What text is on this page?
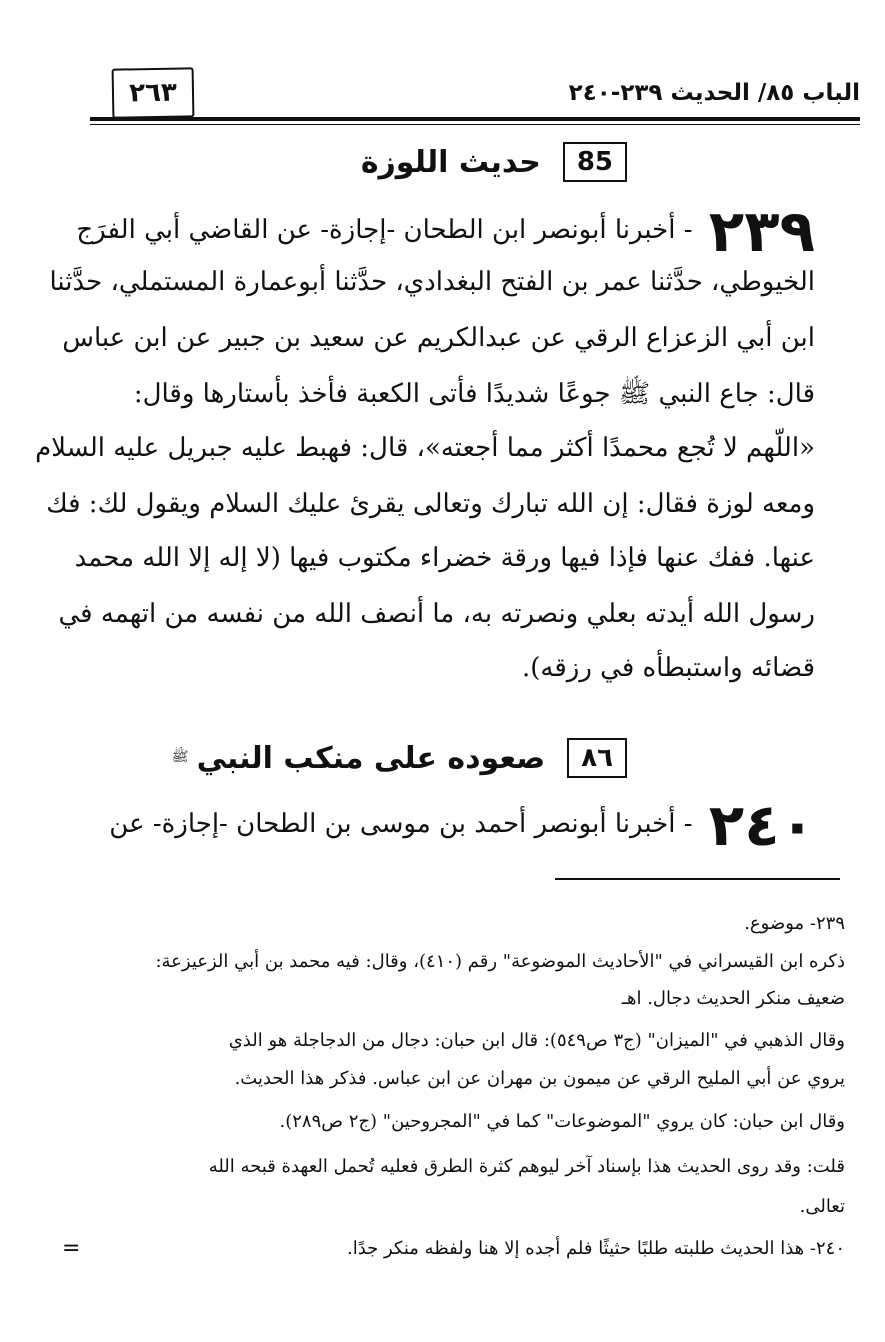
٢٦٣	الباب ٨٥/ الحديث ٢٣٩-٢٤٠
85
حديث اللوزة
٢٣٩ - أخبرنا أبونصر ابن الطحان -إجازة- عن القاضي أبي الفرَج
الخيوطي، حدَّثنا عمر بن الفتح البغدادي، حدَّثنا أبوعمارة المستملي، حدَّثنا
ابن أبي الزعزاع الرقي عن عبدالكريم عن سعيد بن جبير عن ابن عباس
قال: جاع النبي ﷺ جوعًا شديدًا فأتى الكعبة فأخذ بأستارها وقال:
«اللّهم لا تُجع محمدًا أكثر مما أجعته»، قال: فهبط عليه جبريل عليه السلام
ومعه لوزة فقال: إن الله تبارك وتعالى يقرئ عليك السلام ويقول لك: فك
عنها. ففك عنها فإذا فيها ورقة خضراء مكتوب فيها (لا إله إلا الله محمد
رسول الله أيدته بعلي ونصرته به، ما أنصف الله من نفسه من اتهمه في
قضائه واستبطأه في رزقه).
٨٦
صعوده على منكب النبي
ﷺ
٢٤٠ - أخبرنا أبونصر أحمد بن موسى بن الطحان -إجازة- عن
٢٣٩- موضوع.
ذكره ابن القيسراني في "الأحاديث الموضوعة" رقم (٤١٠)، وقال: فيه محمد بن أبي الزعيزعة:
ضعيف منكر الحديث دجال. اهـ
وقال الذهبي في "الميزان" (ج٣ ص٥٤٩): قال ابن حبان: دجال من الدجاجلة هو الذي
يروي عن أبي المليح الرقي عن ميمون بن مهران عن ابن عباس. فذكر هذا الحديث.
وقال ابن حبان: كان يروي "الموضوعات" كما في "المجروحين" (ج٢ ص٢٨٩).
قلت: وقد روى الحديث هذا بإسناد آخر ليوهم كثرة الطرق فعليه تُحمل العهدة قبحه الله
تعالى.
٢٤٠- هذا الحديث طلبته طلبًا حثيثًا فلم أجده إلا هنا ولفظه منكر جدًا.
=
